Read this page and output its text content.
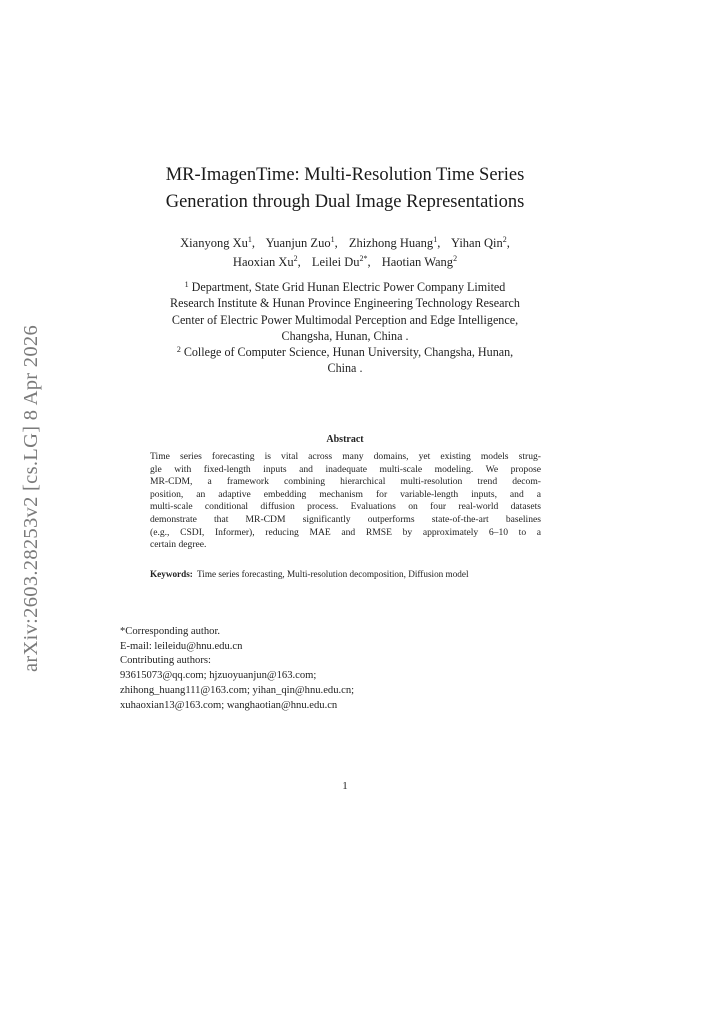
arXiv:2603.28253v2 [cs.LG] 8 Apr 2026
MR-ImagenTime: Multi-Resolution Time Series
Generation through Dual Image Representations
Xianyong Xu$^1$, Yuanjun Zuo$^1$, Zhizhong Huang$^1$, Yihan Qin$^2$,
Haoxian Xu$^2$, Leilei $Du^{2*}$, Haotian Wang$^2$
$^1$ Department, State Grid Hunan Electric Power Company Limited
Research Institute & Hunan Province Engineering Technology Research
Center of Electric Power Multimodal Perception and Edge Intelligence,
Changsha, Hunan, China .
$^2$ College of Computer Science, Hunan University, Changsha, Hunan,
China .
Abstract
Time series forecasting is vital across many domains, yet existing models strug-
gle with fixed-length inputs and inadequate multi-scale modeling. We propose
MR-CDM, a framework combining hierarchical multi-resolution trend decom-
position, an adaptive embedding mechanism for variable-length inputs, and a
multi-scale conditional diffusion process. Evaluations on four real-world datasets
demonstrate that MR-CDM significantly outperforms state-of-the-art baselines
(e.g., CSDI, Informer), reducing MAE and RMSE by approximately 6–10 to a
certain degree.
Keywords: Time series forecasting, Multi-resolution decomposition, Diffusion model
*Corresponding author.
E-mail: leileidu@hnu.edu.cn
Contributing authors:
93615073@qq.com; hjzuoyuanjun@163.com;
zhihong_huang111@163.com; yihan_qin@hnu.edu.cn;
xuhaoxian13@163.com; wanghaotian@hnu.edu.cn
1
